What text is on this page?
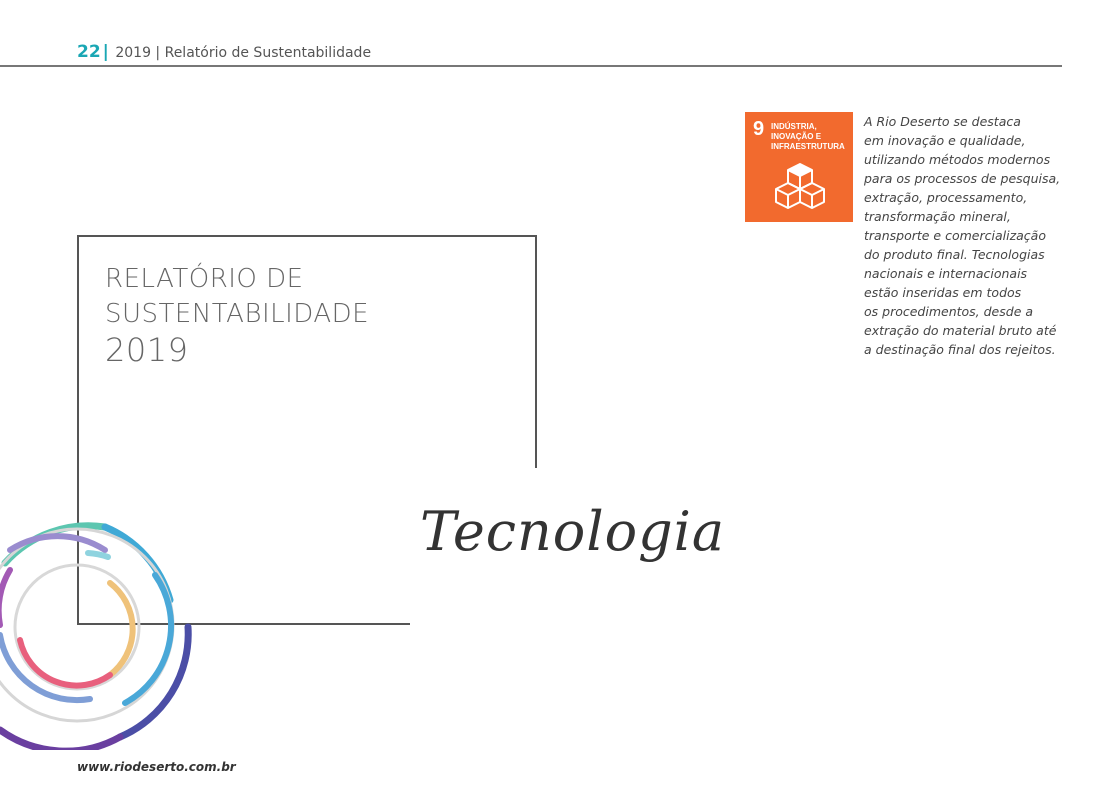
22 | 2019 | Relatório de Sustentabilidade
RELATÓRIO DE
SUSTENTABILIDADE
2019
Tecnologia
9 INDÚSTRIA,
INOVAÇÃO E
INFRAESTRUTURA
A Rio Deserto se destaca
em inovação e qualidade,
utilizando métodos modernos
para os processos de pesquisa,
extração, processamento,
transformação mineral,
transporte e comercialização
do produto final. Tecnologias
nacionais e internacionais
estão inseridas em todos
os procedimentos, desde a
extração do material bruto até
a destinação final dos rejeitos.
www.riodeserto.com.br
